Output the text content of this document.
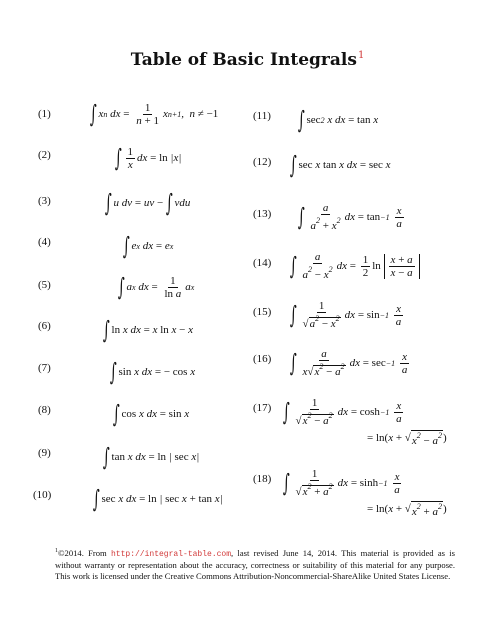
Table of Basic Integrals$^1$
(1)
(2)
(3)
(4)
(5)
(6)
(7)
(8)
(9)
(10)
(11)
(12)
(13)
(14)
(15)
(16)
(17)
(18)
∫ x n dx = $\frac{1}{n + 1}$ x n+1 ,  n ≠ −1
∫ $\frac{1}{x}$ dx = ln |x|
∫ u dv = uv − ∫ vdu
∫ e x dx = e x
∫ a x dx = $\frac{1}{\text{ln a}}$ a x
∫ ln x dx = x ln x − x
∫ sin x dx = − cos x
∫ cos x dx = sin x
∫ tan x dx = ln | sec x|
∫ sec x dx = ln | sec x + tan x|
∫ sec 2 x dx = tan x
∫ sec x tan x dx = sec x
∫ $\frac{a}{a^2 + x^2}$ dx = tan −1
$\frac{x}{a}$
∫ $\frac{a}{a^2 - x^2}$ dx = $\frac{1}{2}$ $\ln \frac{x + a}{x - a}$
∫ $\frac{1}{√a^2 - x^2}$ dx = sin −1
$\frac{x}{a}$
∫ $\frac{a}{x√x^2 - a^2}$ dx = sec −1
$\frac{x}{a}$
∫ $\frac{1}{√x^2 - a^2}$ dx = cosh −1
$\frac{x}{a}$
= ln( x + √ $x^2 - a^2$ )
∫ $\frac{1}{√x^2 + a^2}$ dx = sinh −1
$\frac{x}{a}$
= ln( x + √ $x^2 + a^2$ )
$^1$©2014. From http://integral-table.com, last revised June 14, 2014. This material is provided as is without warranty or representation about the accuracy, correctness or suitability of this material for any purpose. This work is licensed under the Creative Commons Attribution-Noncommercial-ShareAlike United States License.
